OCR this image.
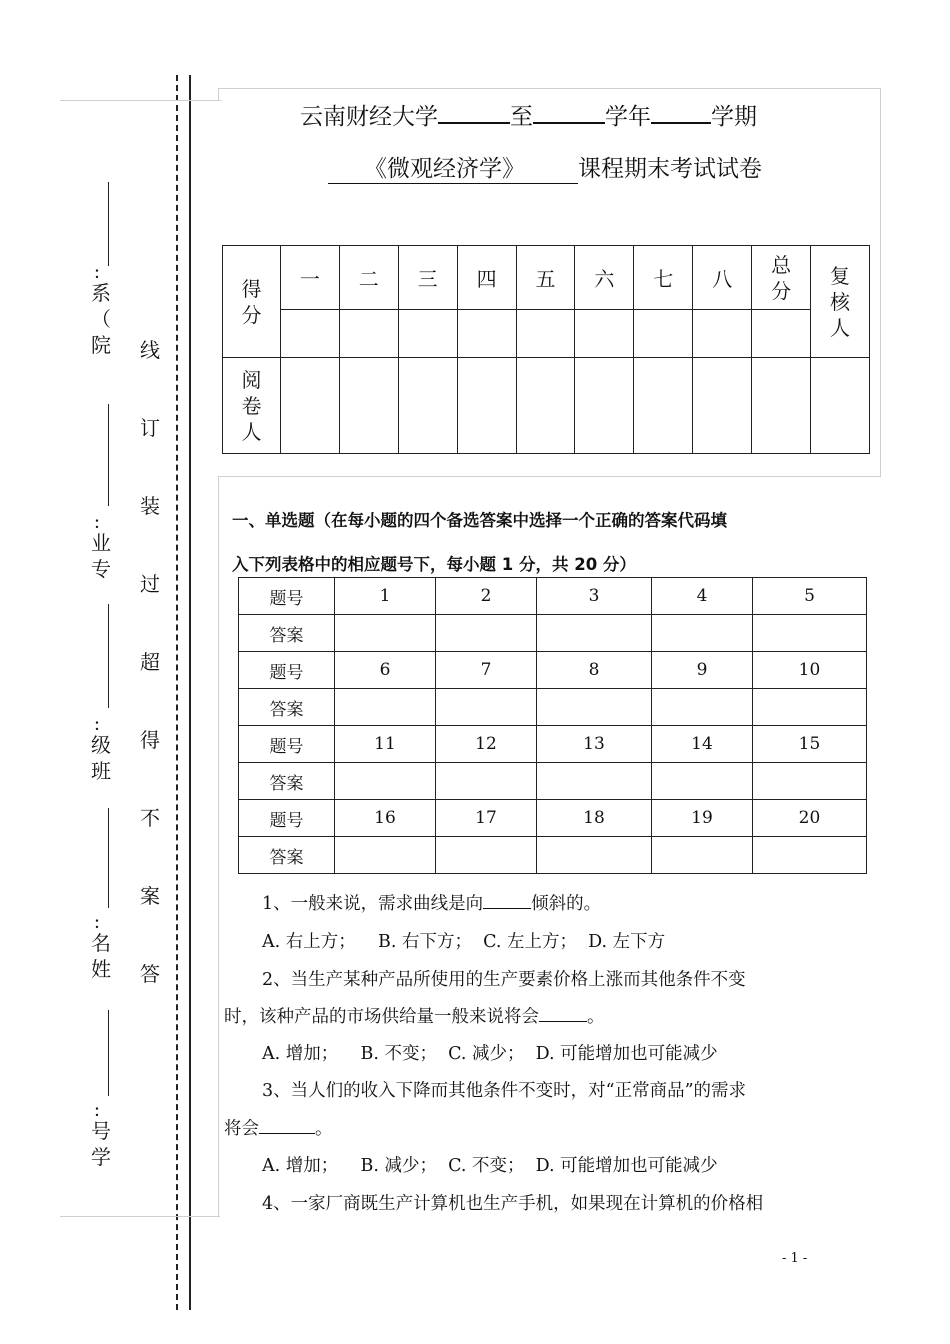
：
院
（
系
：
业
专
：
级
班
：
名
姓
：
号
学
线
订
装
过
超
得
不
案
答
云南财经大学	至	学年	学期
《微观经济学》 课程期末考试试卷
得分	一	二	三	四	五	六	七	八	总分	复核人

阅卷人										

一、单选题（在每小题的四个备选答案中选择一个正确的答案代码填
入下列表格中的相应题号下，每小题 1 分，共 20 分）
题号	1	2	3	4	5
答案					
题号	6	7	8	9	10
答案					
题号	11	12	13	14	15
答案					
题号	16	17	18	19	20
答案					
1、一般来说，需求曲线是向	倾斜的。
A. 右上方；    B. 右下方；  C. 左上方；  D. 左下方
2、当生产某种产品所使用的生产要素价格上涨而其他条件不变
时，该种产品的市场供给量一般来说将会	。
A. 增加；    B. 不变；  C. 减少；  D. 可能增加也可能减少
3、当人们的收入下降而其他条件不变时，对“正常商品”的需求
将会	。
A. 增加；    B. 减少；  C. 不变；  D. 可能增加也可能减少
4、一家厂商既生产计算机也生产手机，如果现在计算机的价格相
- 1 -
